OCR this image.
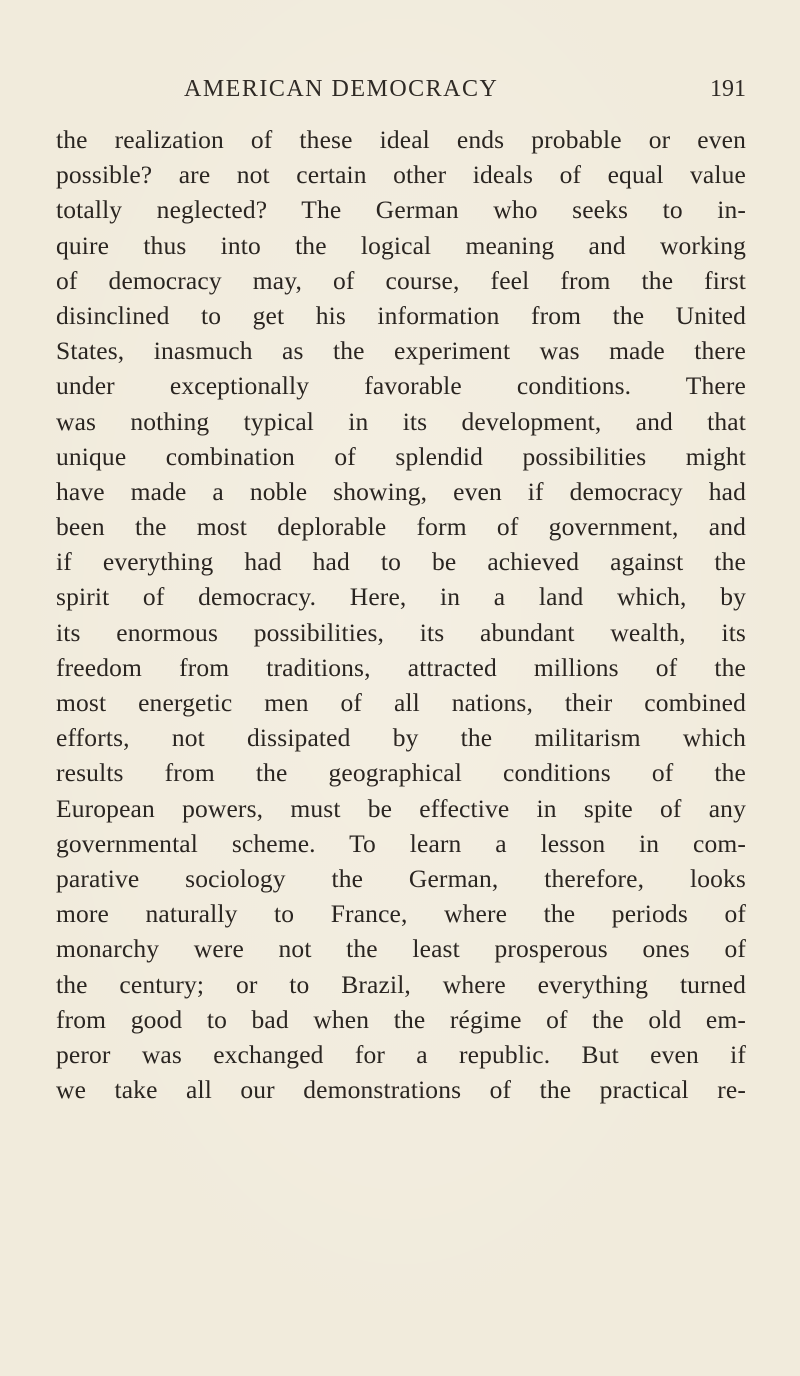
AMERICAN DEMOCRACY	191
the realization of these ideal ends probable or even
possible? are not certain other ideals of equal value
totally neglected? The German who seeks to in-
quire thus into the logical meaning and working
of democracy may, of course, feel from the first
disinclined to get his information from the United
States, inasmuch as the experiment was made there
under exceptionally favorable conditions. There
was nothing typical in its development, and that
unique combination of splendid possibilities might
have made a noble showing, even if democracy had
been the most deplorable form of government, and
if everything had had to be achieved against the
spirit of democracy. Here, in a land which, by
its enormous possibilities, its abundant wealth, its
freedom from traditions, attracted millions of the
most energetic men of all nations, their combined
efforts, not dissipated by the militarism which
results from the geographical conditions of the
European powers, must be effective in spite of any
governmental scheme. To learn a lesson in com-
parative sociology the German, therefore, looks
more naturally to France, where the periods of
monarchy were not the least prosperous ones of
the century; or to Brazil, where everything turned
from good to bad when the régime of the old em-
peror was exchanged for a republic. But even if
we take all our demonstrations of the practical re-
